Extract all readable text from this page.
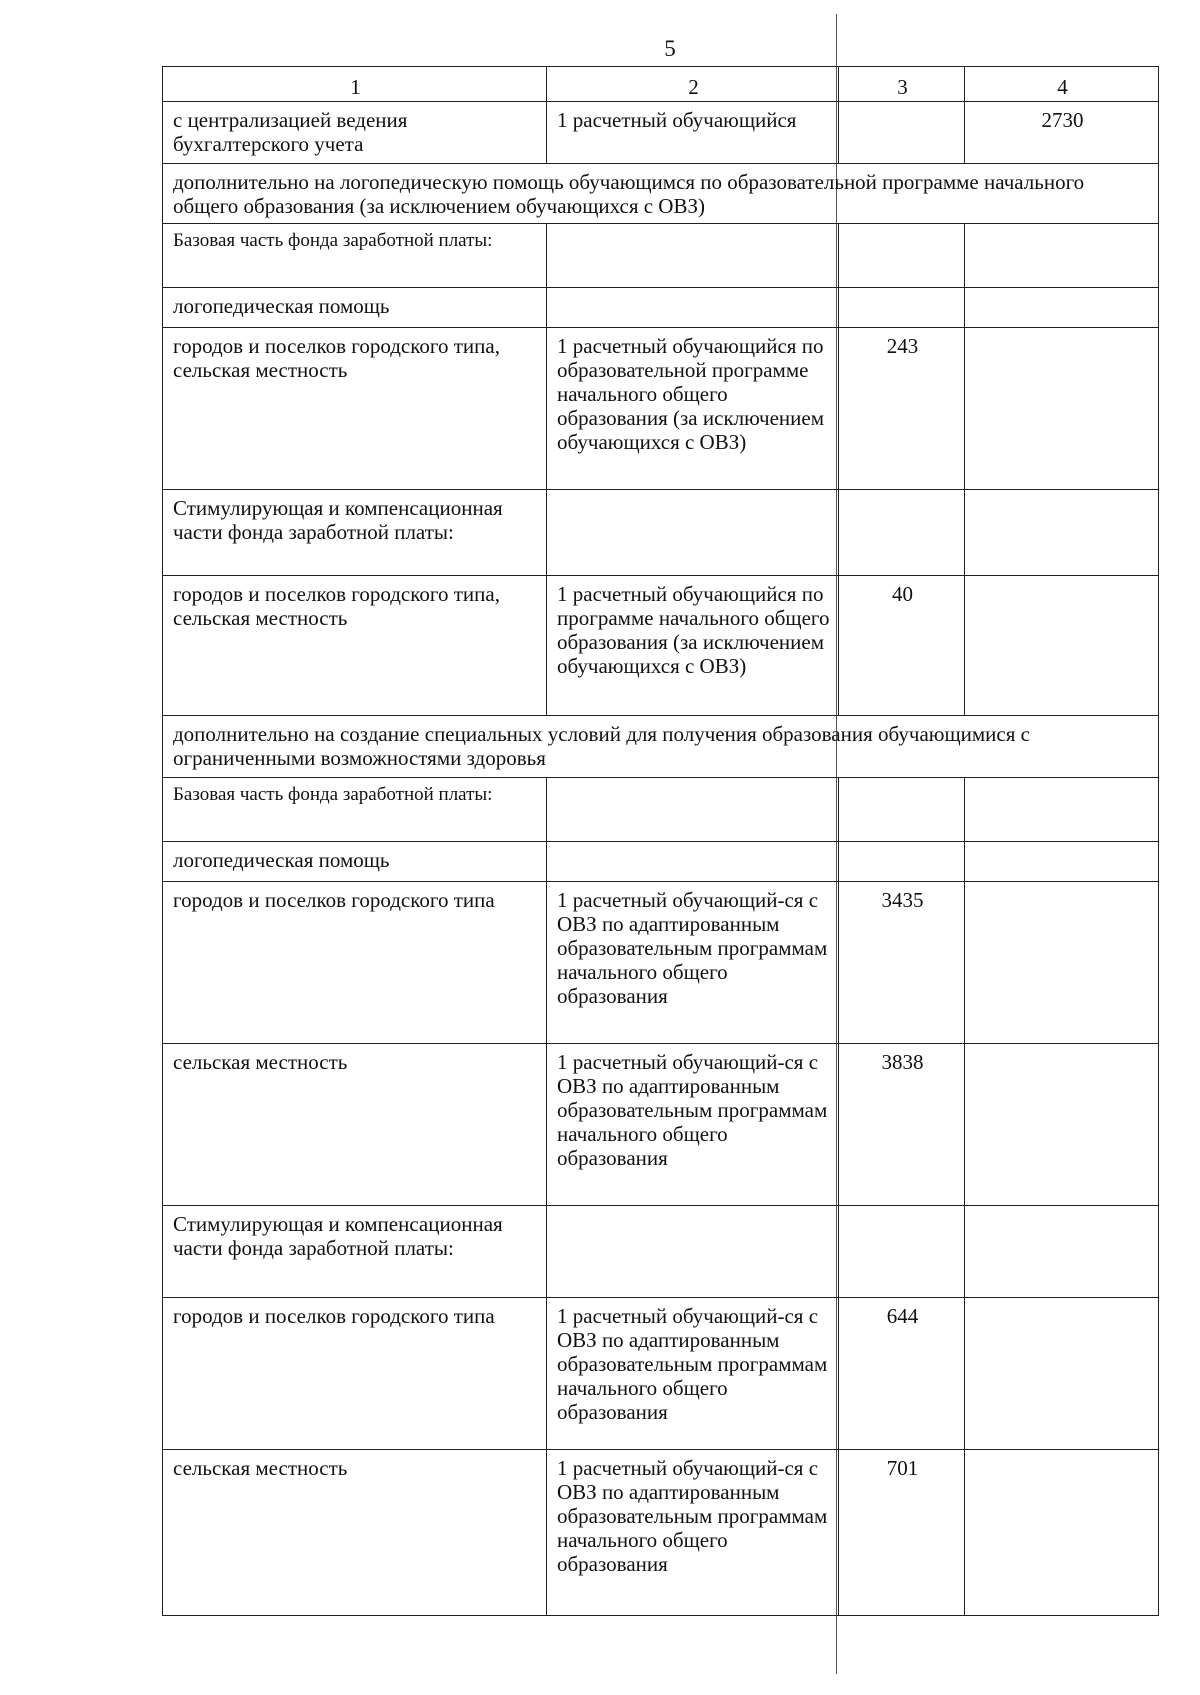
5
1	2	3	4
с централизацией ведения бухгалтерского учета	1 расчетный обучающийся		2730
дополнительно на логопедическую помощь обучающимся по образовательной программе начального общего образования (за исключением обучающихся с ОВЗ)			
Базовая часть фонда заработной платы:			
логопедическая помощь			
городов и поселков городского типа, сельская местность	1 расчетный обучающийся по образовательной программе начального общего образования (за исключением обучающихся с ОВЗ)	243	
Стимулирующая и компенсационная части фонда заработной платы:			
городов и поселков городского типа, сельская местность	1 расчетный обучающийся по программе начального общего образования (за исключением обучающихся с ОВЗ)	40	
дополнительно на создание специальных условий для получения образования обучающимися с ограниченными возможностями здоровья			
Базовая часть фонда заработной платы:			
логопедическая помощь			
городов и поселков городского типа	1 расчетный обучающий-ся с ОВЗ по адаптированным образовательным программам начального общего образования	3435	
сельская местность	1 расчетный обучающий-ся с ОВЗ по адаптированным образовательным программам начального общего образования	3838	
Стимулирующая и компенсационная части фонда заработной платы:			
городов и поселков городского типа	1 расчетный обучающий-ся с ОВЗ по адаптированным образовательным программам начального общего образования	644	
сельская местность	1 расчетный обучающий-ся с ОВЗ по адаптированным образовательным программам начального общего образования	701	
